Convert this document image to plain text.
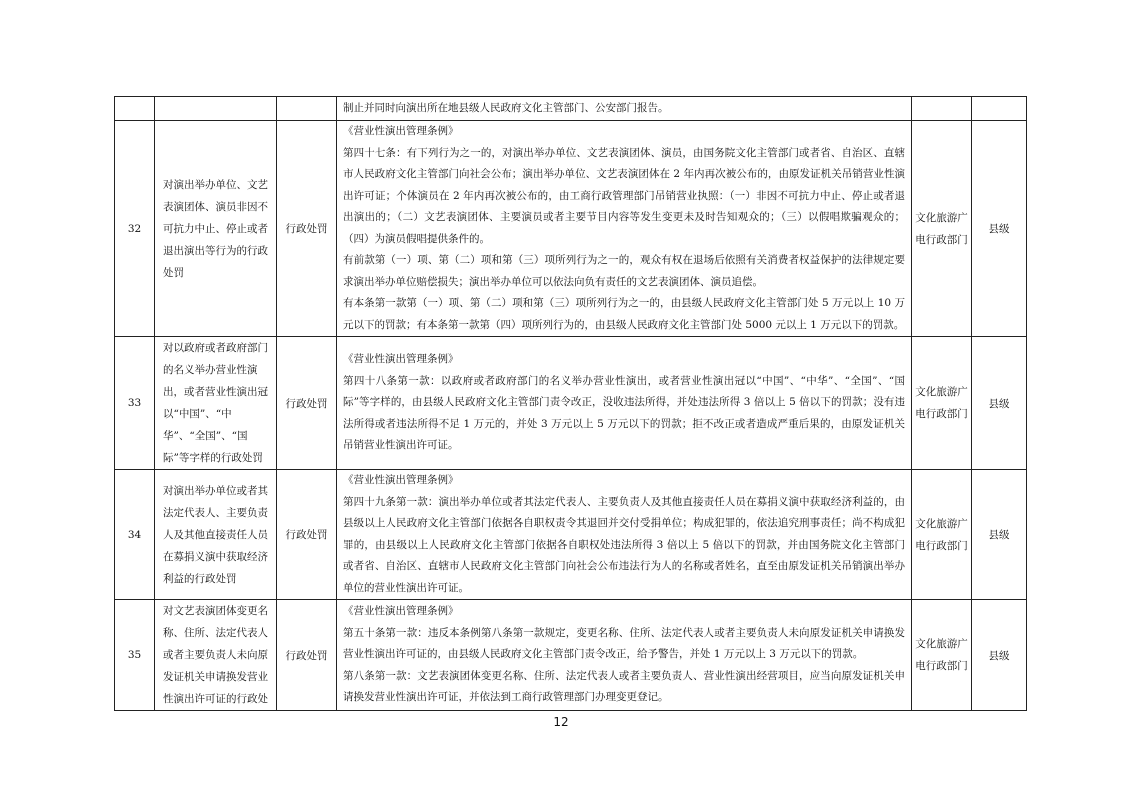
			制止并同时向演出所在地县级人民政府文化主管部门、公安部门报告。		

32	对演出举办单位、文艺表演团体、演员非因不可抗力中止、停止或者退出演出等行为的行政处罚	行政处罚	《营业性演出管理条例》
第四十七条：有下列行为之一的，对演出举办单位、文艺表演团体、演员，由国务院文化主管部门或者省、自治区、直辖市人民政府文化主管部门向社会公布；演出举办单位、文艺表演团体在 2 年内再次被公布的，由原发证机关吊销营业性演出许可证；个体演员在 2 年内再次被公布的，由工商行政管理部门吊销营业执照：（一）非因不可抗力中止、停止或者退出演出的；（二）文艺表演团体、主要演员或者主要节目内容等发生变更未及时告知观众的；（三）以假唱欺骗观众的；（四）为演员假唱提供条件的。
有前款第（一）项、第（二）项和第（三）项所列行为之一的，观众有权在退场后依照有关消费者权益保护的法律规定要求演出举办单位赔偿损失；演出举办单位可以依法向负有责任的文艺表演团体、演员追偿。
有本条第一款第（一）项、第（二）项和第（三）项所列行为之一的，由县级人民政府文化主管部门处 5 万元以上 10 万元以下的罚款；有本条第一款第（四）项所列行为的，由县级人民政府文化主管部门处 5000 元以上 1 万元以下的罚款。	文化旅游广电行政部门	县级
33	对以政府或者政府部门的名义举办营业性演出，或者营业性演出冠以“中国”、“中华”、“全国”、“国际”等字样的行政处罚	行政处罚	《营业性演出管理条例》
第四十八条第一款：以政府或者政府部门的名义举办营业性演出，或者营业性演出冠以“中国”、“中华”、“全国”、“国际”等字样的，由县级人民政府文化主管部门责令改正，没收违法所得，并处违法所得 3 倍以上 5 倍以下的罚款；没有违法所得或者违法所得不足 1 万元的，并处 3 万元以上 5 万元以下的罚款；拒不改正或者造成严重后果的，由原发证机关吊销营业性演出许可证。	文化旅游广电行政部门	县级
34	对演出举办单位或者其法定代表人、主要负责人及其他直接责任人员在募捐义演中获取经济利益的行政处罚	行政处罚	《营业性演出管理条例》
第四十九条第一款：演出举办单位或者其法定代表人、主要负责人及其他直接责任人员在募捐义演中获取经济利益的，由县级以上人民政府文化主管部门依据各自职权责令其退回并交付受捐单位；构成犯罪的，依法追究刑事责任；尚不构成犯罪的，由县级以上人民政府文化主管部门依据各自职权处违法所得 3 倍以上 5 倍以下的罚款，并由国务院文化主管部门或者省、自治区、直辖市人民政府文化主管部门向社会公布违法行为人的名称或者姓名，直至由原发证机关吊销演出举办单位的营业性演出许可证。	文化旅游广电行政部门	县级
35	对文艺表演团体变更名称、住所、法定代表人或者主要负责人未向原发证机关申请换发营业性演出许可证的行政处	行政处罚	《营业性演出管理条例》
第五十条第一款：违反本条例第八条第一款规定，变更名称、住所、法定代表人或者主要负责人未向原发证机关申请换发营业性演出许可证的，由县级人民政府文化主管部门责令改正，给予警告，并处 1 万元以上 3 万元以下的罚款。
第八条第一款：文艺表演团体变更名称、住所、法定代表人或者主要负责人、营业性演出经营项目，应当向原发证机关申请换发营业性演出许可证，并依法到工商行政管理部门办理变更登记。	文化旅游广电行政部门	县级
12
